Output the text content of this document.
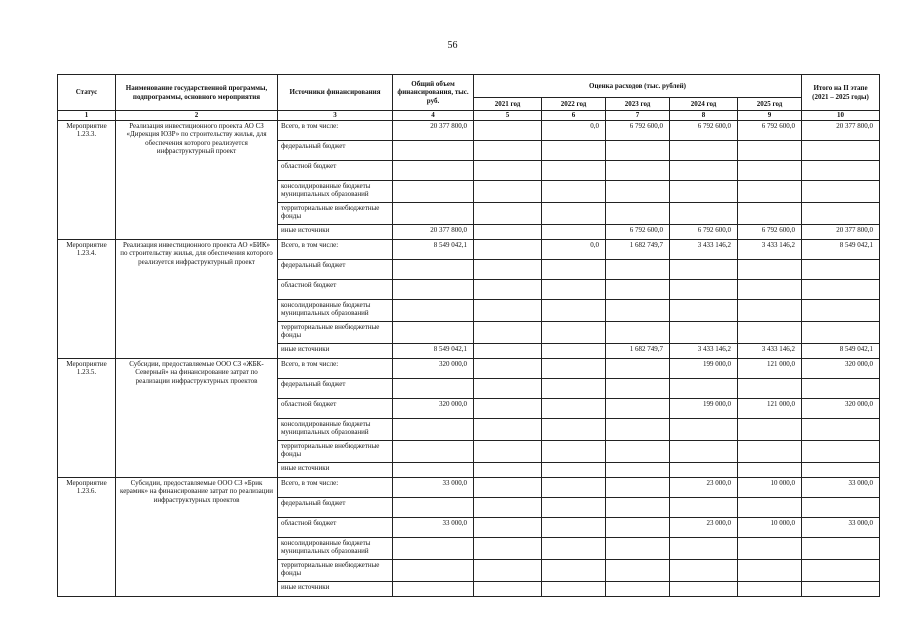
56
Статус	Наименование государственной программы, подпрограммы, основного мероприятия	Источники финансирования	Общий объем финансирования, тыс. руб.	Оценка расходов (тыс. рублей)					Итого на II этапе (2021 – 2025 годы)
				2021 год	2022 год	2023 год	2024 год	2025 год	
1	2	3	4	5	6	7	8	9	10
Мероприятие 1.23.3.	Реализация инвестиционного проекта АО СЗ «Дирекция ЮЗР» по строительству жилья, для обеспечения которого реализуется инфраструктурный проект	Всего, в том числе:	20 377 800,0		0,0	6 792 600,0	6 792 600,0	6 792 600,0	20 377 800,0
		федеральный бюджет							
		областной бюджет							
		консолидированные бюджеты муниципальных образований							
		территориальные внебюджетные фонды							
		иные источники	20 377 800,0			6 792 600,0	6 792 600,0	6 792 600,0	20 377 800,0
Мероприятие 1.23.4.	Реализация инвестиционного проекта АО «БИК» по строительству жилья, для обеспечения которого реализуется инфраструктурный проект	Всего, в том числе:	8 549 042,1		0,0	1 682 749,7	3 433 146,2	3 433 146,2	8 549 042,1
		федеральный бюджет							
		областной бюджет							
		консолидированные бюджеты муниципальных образований							
		территориальные внебюджетные фонды							
		иные источники	8 549 042,1			1 682 749,7	3 433 146,2	3 433 146,2	8 549 042,1
Мероприятие 1.23.5.	Субсидии, предоставляемые ООО СЗ «ЖБК-Северный» на финансирование затрат по реализации инфраструктурных проектов	Всего, в том числе:	320 000,0				199 000,0	121 000,0	320 000,0
		федеральный бюджет							
		областной бюджет	320 000,0				199 000,0	121 000,0	320 000,0
		консолидированные бюджеты муниципальных образований							
		территориальные внебюджетные фонды							
		иные источники							
Мероприятие 1.23.6.	Субсидии, предоставляемые ООО СЗ «Брик керамик» на финансирование затрат по реализации инфраструктурных проектов	Всего, в том числе:	33 000,0				23 000,0	10 000,0	33 000,0
		федеральный бюджет							
		областной бюджет	33 000,0				23 000,0	10 000,0	33 000,0
		консолидированные бюджеты муниципальных образований							
		территориальные внебюджетные фонды							
		иные источники							
